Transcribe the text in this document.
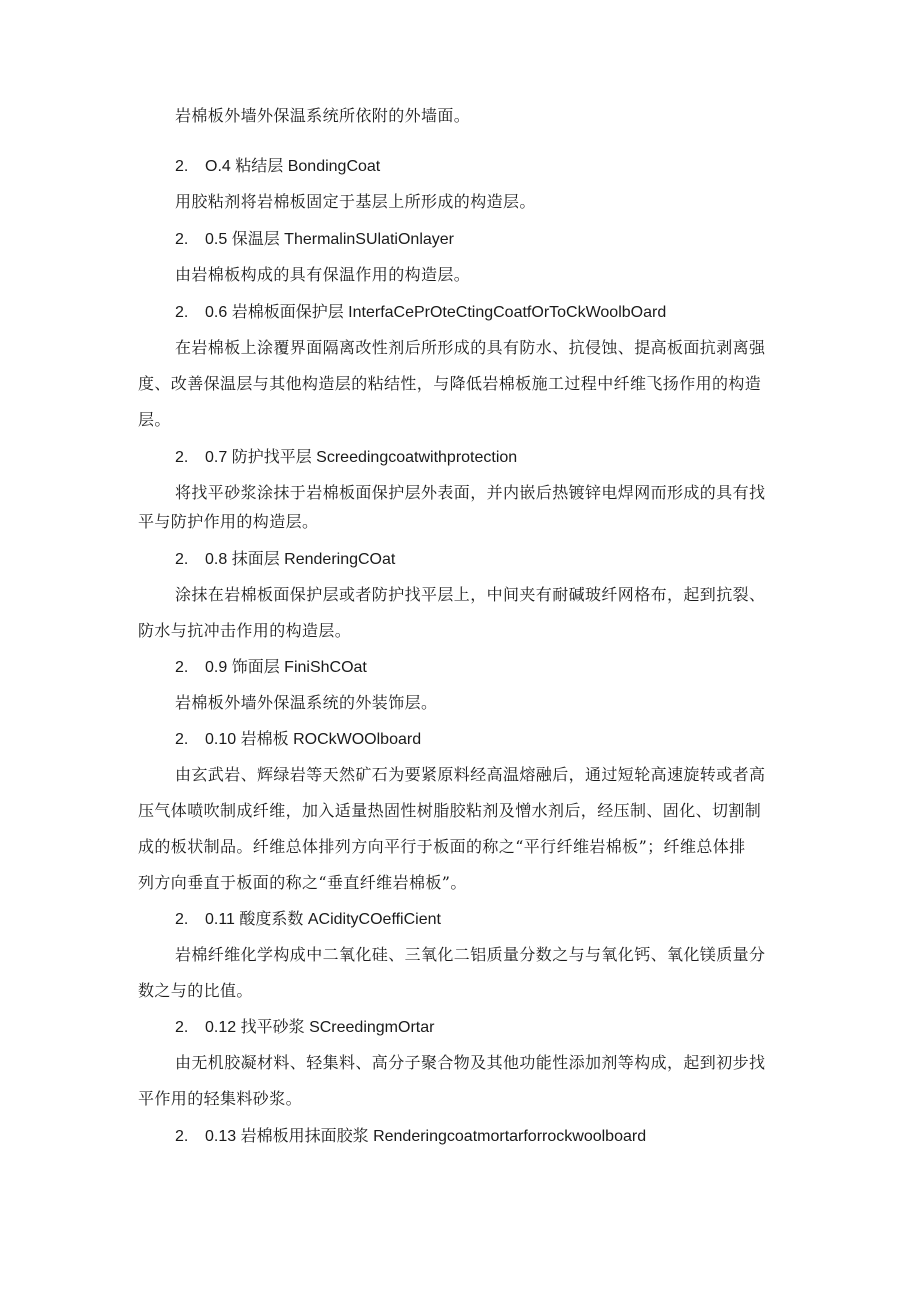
岩棉板外墙外保温系统所依附的外墙面。
2. O.4 粘结层 BondingCoat
用胶粘剂将岩棉板固定于基层上所形成的构造层。
2. 0.5 保温层 ThermalinSUlatiOnlayer
由岩棉板构成的具有保温作用的构造层。
2. 0.6 岩棉板面保护层 InterfaCePrOteCtingCoatfOrToCkWoolbOard
在岩棉板上涂覆界面隔离改性剂后所形成的具有防水、抗侵蚀、提高板面抗剥离强
度、改善保温层与其他构造层的粘结性，与降低岩棉板施工过程中纤维飞扬作用的构造
层。
2. 0.7 防护找平层 Screedingcoatwithprotection
将找平砂浆涂抹于岩棉板面保护层外表面，并内嵌后热镀锌电焊网而形成的具有找
平与防护作用的构造层。
2. 0.8 抹面层 RenderingCOat
涂抹在岩棉板面保护层或者防护找平层上，中间夹有耐碱玻纤网格布，起到抗裂、
防水与抗冲击作用的构造层。
2. 0.9 饰面层 FiniShCOat
岩棉板外墙外保温系统的外装饰层。
2. 0.10 岩棉板 ROCkWOOlboard
由玄武岩、辉绿岩等天然矿石为要紧原料经高温熔融后，通过短轮高速旋转或者高
压气体喷吹制成纤维，加入适量热固性树脂胶粘剂及憎水剂后，经压制、固化、切割制
成的板状制品。纤维总体排列方向平行于板面的称之“平行纤维岩棉板”；纤维总体排
列方向垂直于板面的称之“垂直纤维岩棉板”。
2. 0.11 酸度系数 ACidityCOeffiCient
岩棉纤维化学构成中二氧化硅、三氧化二铝质量分数之与与氧化钙、氧化镁质量分
数之与的比值。
2. 0.12 找平砂浆 SCreedingmOrtar
由无机胶凝材料、轻集料、高分子聚合物及其他功能性添加剂等构成，起到初步找
平作用的轻集料砂浆。
2. 0.13 岩棉板用抹面胶浆 Renderingcoatmortarforrockwoolboard
